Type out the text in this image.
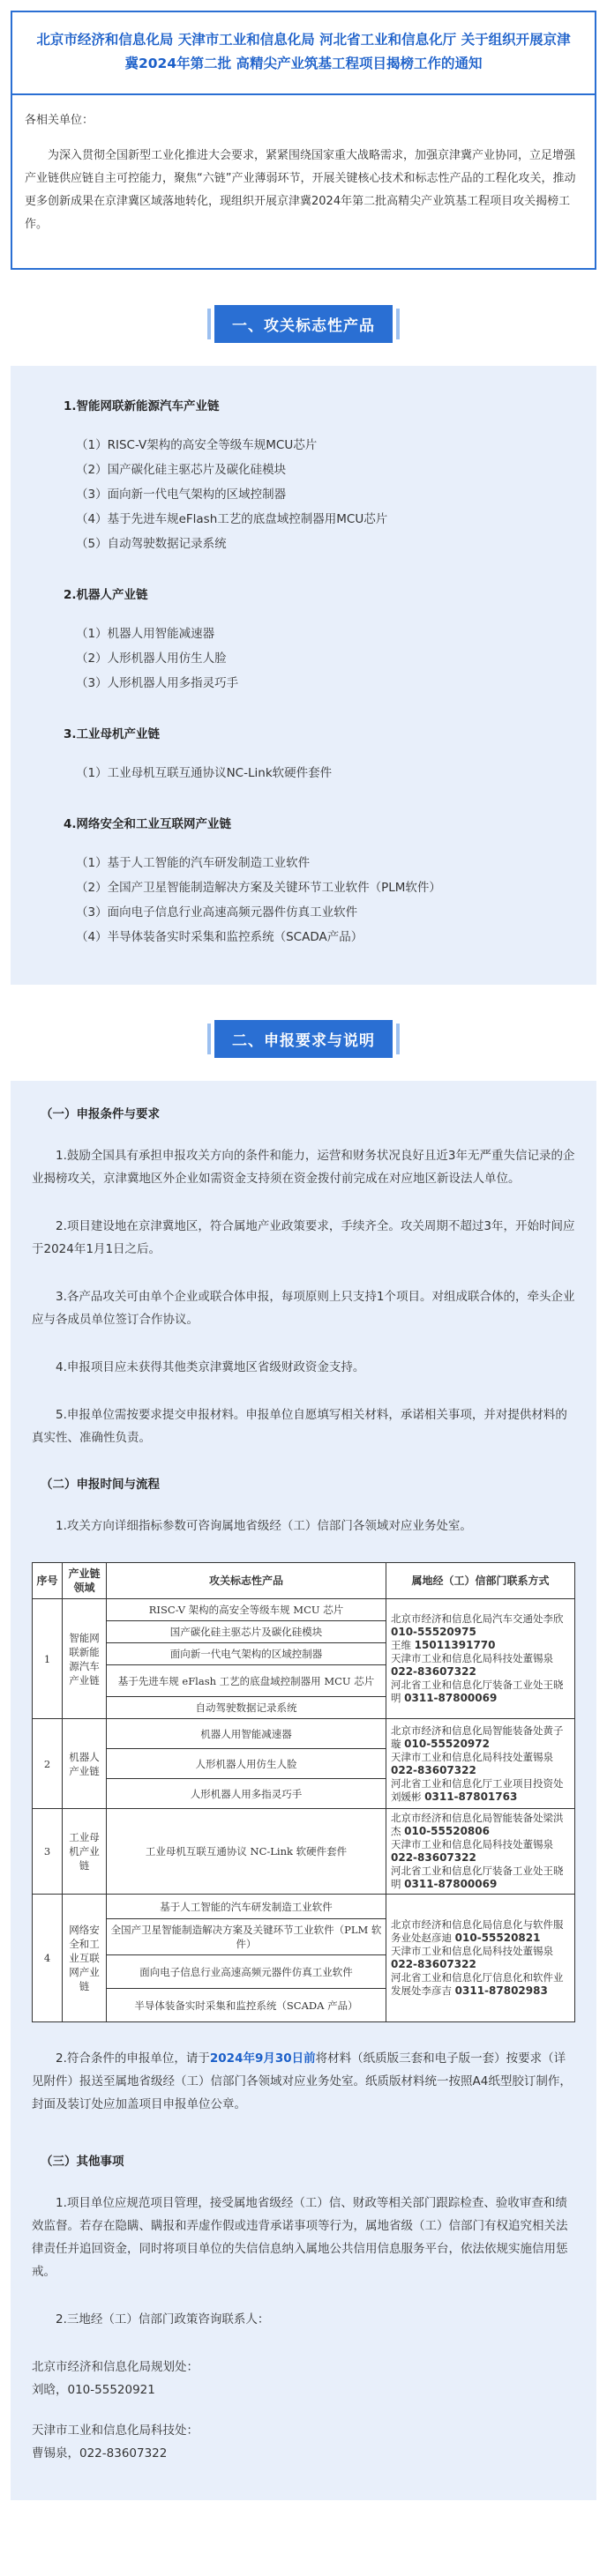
北京市经济和信息化局 天津市工业和信息化局 河北省工业和信息化厅 关于组织开展京津冀2024年第二批 高精尖产业筑基工程项目揭榜工作的通知

各相关单位：

为深入贯彻全国新型工业化推进大会要求，紧紧围绕国家重大战略需求，加强京津冀产业协同，立足增强产业链供应链自主可控能力，聚焦“六链”产业薄弱环节，开展关键核心技术和标志性产品的工程化攻关，推动更多创新成果在京津冀区域落地转化，现组织开展京津冀2024年第二批高精尖产业筑基工程项目攻关揭榜工作。

一、攻关标志性产品
1.智能网联新能源汽车产业链
（1）RISC-V架构的高安全等级车规MCU芯片
（2）国产碳化硅主驱芯片及碳化硅模块
（3）面向新一代电气架构的区域控制器
（4）基于先进车规eFlash工艺的底盘域控制器用MCU芯片
（5）自动驾驶数据记录系统
2.机器人产业链
（1）机器人用智能减速器
（2）人形机器人用仿生人脸
（3）人形机器人用多指灵巧手
3.工业母机产业链
（1）工业母机互联互通协议NC-Link软硬件套件
4.网络安全和工业互联网产业链
（1）基于人工智能的汽车研发制造工业软件
（2）全国产卫星智能制造解决方案及关键环节工业软件（PLM软件）
（3）面向电子信息行业高速高频元器件仿真工业软件
（4）半导体装备实时采集和监控系统（SCADA产品）
二、申报要求与说明
（一）申报条件与要求
1.鼓励全国具有承担申报攻关方向的条件和能力，运营和财务状况良好且近3年无严重失信记录的企业揭榜攻关，京津冀地区外企业如需资金支持须在资金拨付前完成在对应地区新设法人单位。
2.项目建设地在京津冀地区，符合属地产业政策要求，手续齐全。攻关周期不超过3年，开始时间应于2024年1月1日之后。
3.各产品攻关可由单个企业或联合体申报，每项原则上只支持1个项目。对组成联合体的，牵头企业应与各成员单位签订合作协议。
4.申报项目应未获得其他类京津冀地区省级财政资金支持。
5.申报单位需按要求提交申报材料。申报单位自愿填写相关材料，承诺相关事项，并对提供材料的真实性、准确性负责。
（二）申报时间与流程
1.攻关方向详细指标参数可咨询属地省级经（工）信部门各领域对应业务处室。
序号	产业链领域	攻关标志性产品	属地经（工）信部门联系方式
1	智能网联新能源汽车产业链	RISC-V 架构的高安全等级车规 MCU 芯片	北京市经济和信息化局汽车交通处李欣 010-55520975
王维 15011391770
天津市工业和信息化局科技处董锡泉 022-83607322
河北省工业和信息化厅装备工业处王晓明 0311-87800069

		国产碳化硅主驱芯片及碳化硅模块	
		面向新一代电气架构的区域控制器	
		基于先进车规 eFlash 工艺的底盘域控制器用 MCU 芯片	
		自动驾驶数据记录系统	
2	机器人产业链	机器人用智能减速器	北京市经济和信息化局智能装备处黄子璇 010-55520972
天津市工业和信息化局科技处董锡泉 022-83607322
河北省工业和信息化厅工业项目投资处刘媛彬 0311-87801763

		人形机器人用仿生人脸	
		人形机器人用多指灵巧手	
3	工业母机产业链	工业母机互联互通协议 NC-Link 软硬件套件	北京市经济和信息化局智能装备处梁洪杰 010-55520806
天津市工业和信息化局科技处董锡泉 022-83607322
河北省工业和信息化厅装备工业处王晓明 0311-87800069

4	网络安全和工业互联网产业链	基于人工智能的汽车研发制造工业软件	北京市经济和信息化局信息化与软件服务业处赵彦迪 010-55520821
天津市工业和信息化局科技处董锡泉 022-83607322
河北省工业和信息化厅信息化和软件业发展处李彦吉 0311-87802983

		全国产卫星智能制造解决方案及关键环节工业软件（PLM 软件）	
		面向电子信息行业高速高频元器件仿真工业软件	
		半导体装备实时采集和监控系统（SCADA 产品）	
2.符合条件的申报单位，请于2024年9月30日前将材料（纸质版三套和电子版一套）按要求（详见附件）报送至属地省级经（工）信部门各领域对应业务处室。纸质版材料统一按照A4纸型胶订制作，封面及装订处应加盖项目申报单位公章。
（三）其他事项
1.项目单位应规范项目管理，接受属地省级经（工）信、财政等相关部门跟踪检查、验收审查和绩效监督。若存在隐瞒、瞒报和弄虚作假或违背承诺事项等行为，属地省级（工）信部门有权追究相关法律责任并追回资金，同时将项目单位的失信信息纳入属地公共信用信息服务平台，依法依规实施信用惩戒。
2.三地经（工）信部门政策咨询联系人：
北京市经济和信息化局规划处：
刘晗，010-55520921
天津市工业和信息化局科技处：
曹锡泉，022-83607322
